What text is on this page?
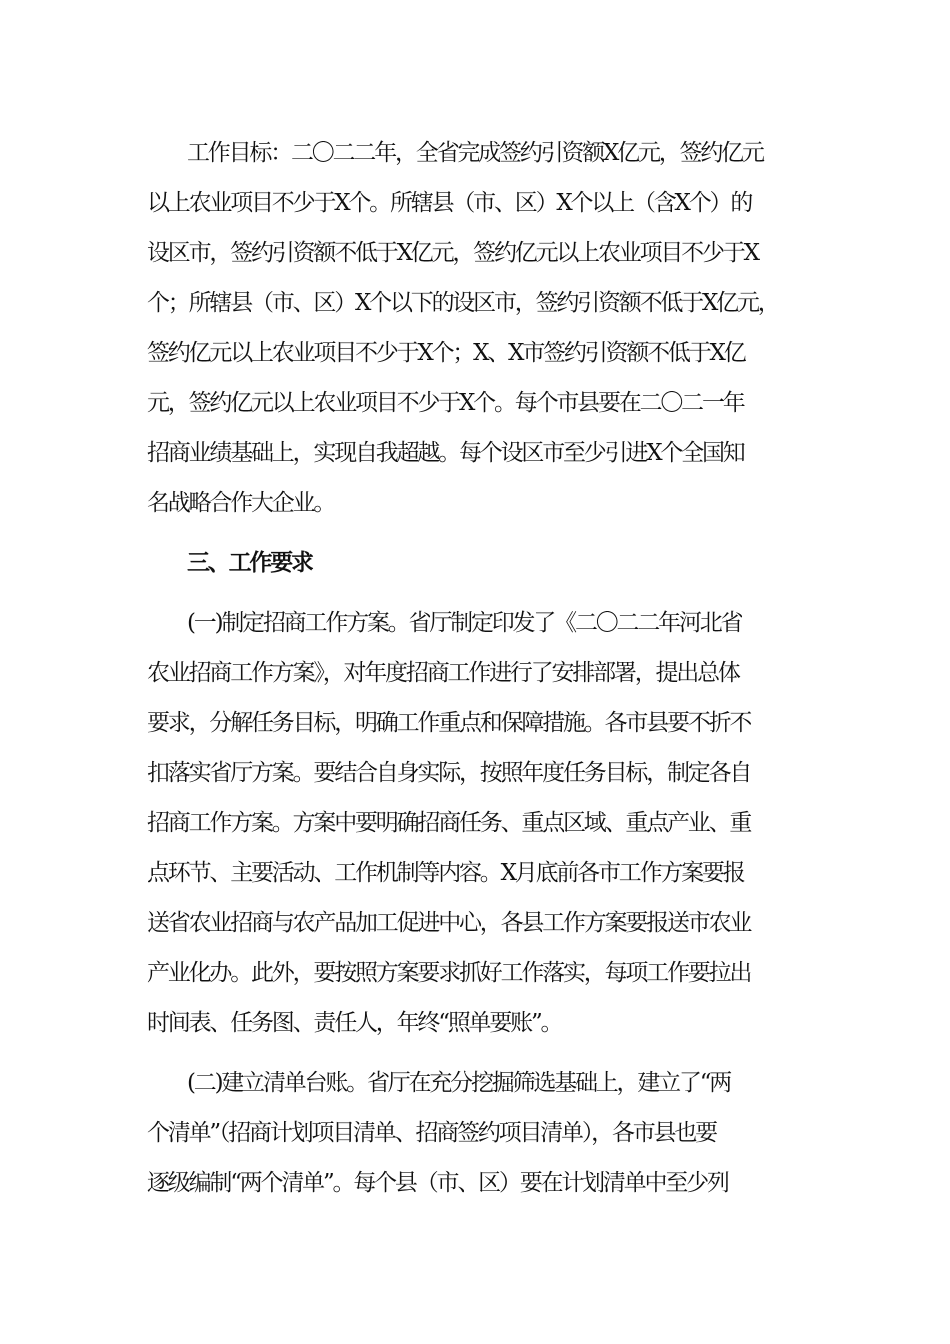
工作目标：二〇二二年，全省完成签约引资额X亿元，签约亿元
以上农业项目不少于X个。所辖县（市、区）X个以上（含X个）的
设区市，签约引资额不低于X亿元，签约亿元以上农业项目不少于X
个；所辖县（市、区）X个以下的设区市，签约引资额不低于X亿元，
签约亿元以上农业项目不少于X个；X、X市签约引资额不低于X亿
元，签约亿元以上农业项目不少于X个。每个市县要在二〇二一年
招商业绩基础上，实现自我超越。每个设区市至少引进X个全国知
名战略合作大企业。
三、工作要求
(一)制定招商工作方案。省厅制定印发了《二〇二二年河北省
农业招商工作方案》，对年度招商工作进行了安排部署，提出总体
要求，分解任务目标，明确工作重点和保障措施。各市县要不折不
扣落实省厅方案。要结合自身实际，按照年度任务目标，制定各自
招商工作方案。方案中要明确招商任务、重点区域、重点产业、重
点环节、主要活动、工作机制等内容。X月底前各市工作方案要报
送省农业招商与农产品加工促进中心，各县工作方案要报送市农业
产业化办。此外，要按照方案要求抓好工作落实，每项工作要拉出
时间表、任务图、责任人，年终“照单要账”。
(二)建立清单台账。省厅在充分挖掘筛选基础上，建立了“两
个清单”（招商计划项目清单、招商签约项目清单），各市县也要
逐级编制“两个清单”。每个县（市、区）要在计划清单中至少列
